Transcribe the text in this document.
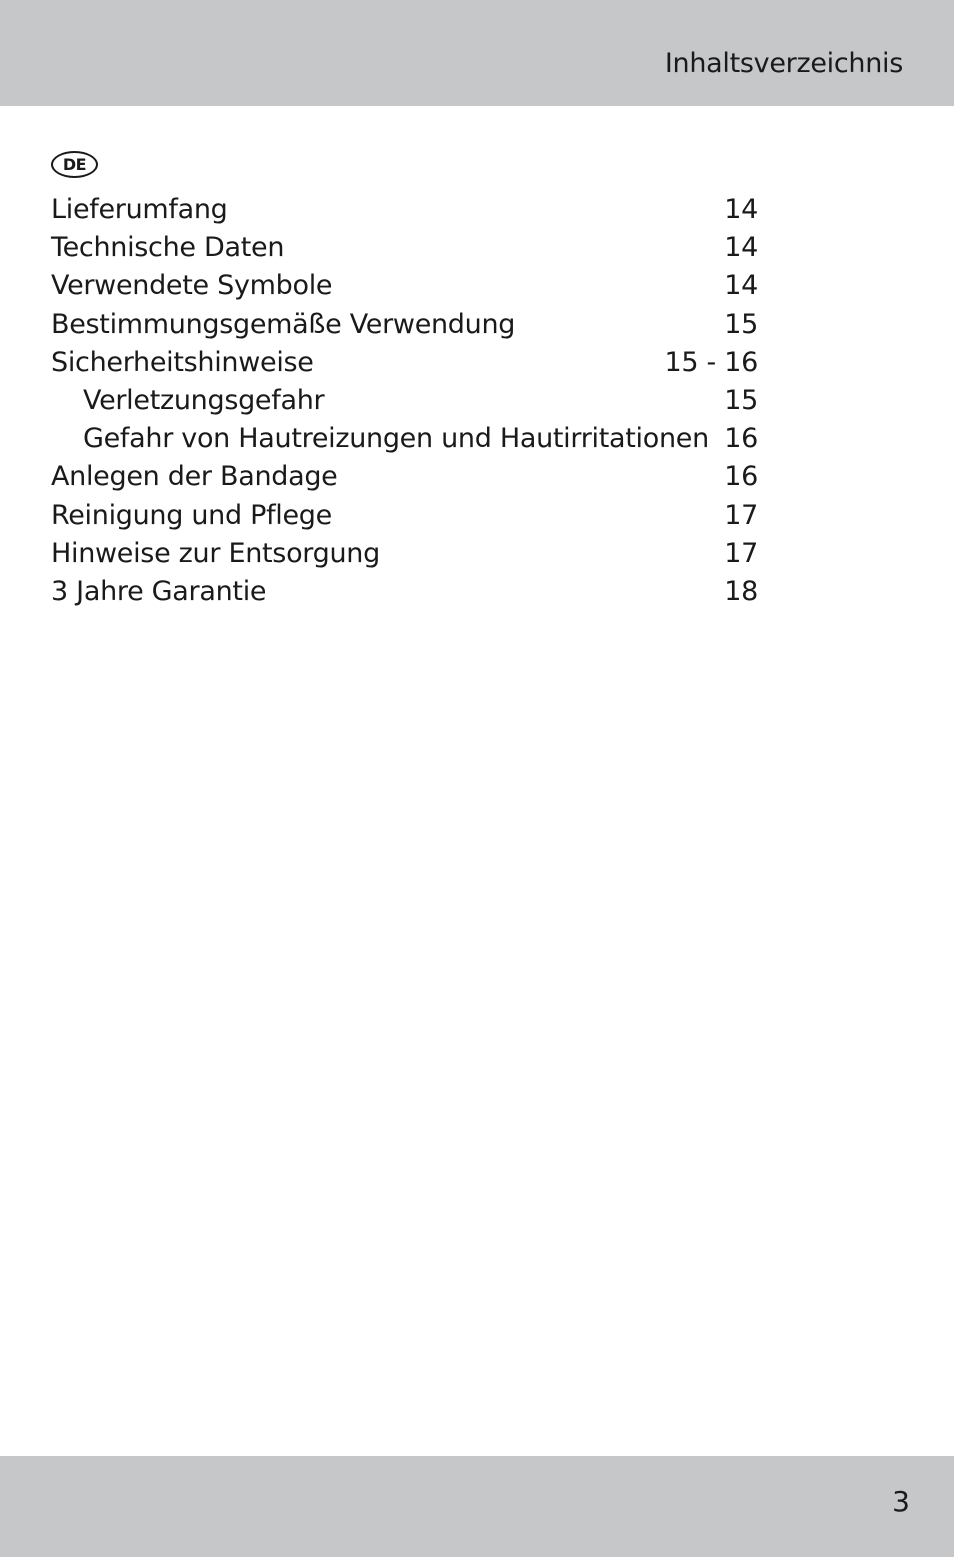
Inhaltsverzeichnis
DE
Lieferumfang	14
Technische Daten	14
Verwendete Symbole	14
Bestimmungsgemäße Verwendung	15
Sicherheitshinweise	15 - 16
Verletzungsgefahr	15
Gefahr von Hautreizungen und Hautirritationen 16
Anlegen der Bandage	16
Reinigung und Pflege	17
Hinweise zur Entsorgung	17
3 Jahre Garantie	18
3
